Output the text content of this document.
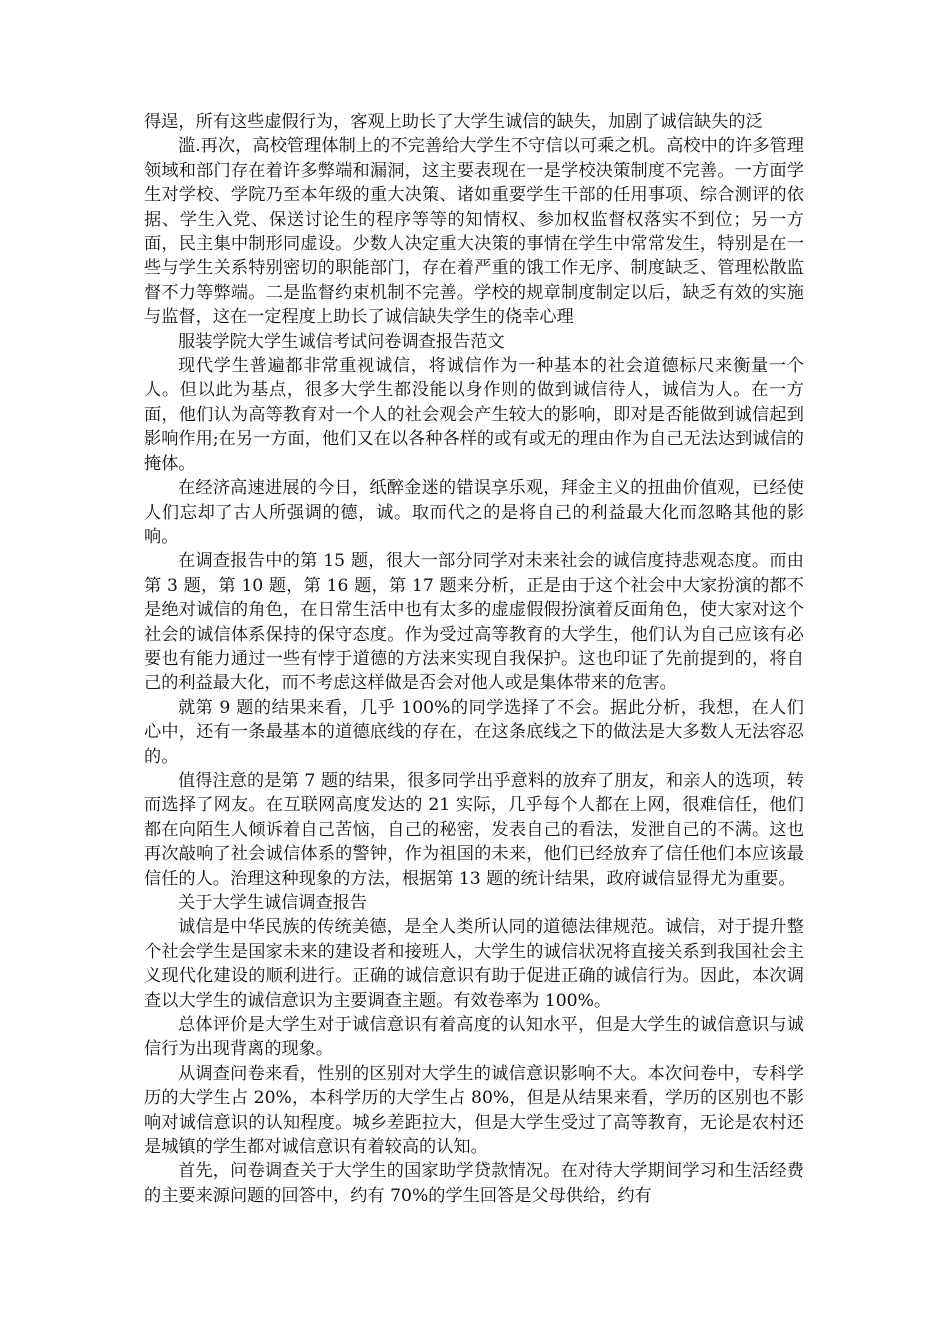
得逞，所有这些虚假行为，客观上助长了大学生诚信的缺失，加剧了诚信缺失的泛

滥.再次，高校管理体制上的不完善给大学生不守信以可乘之机。高校中的许多管理领域和部门存在着许多弊端和漏洞，这主要表现在一是学校决策制度不完善。一方面学生对学校、学院乃至本年级的重大决策、诸如重要学生干部的任用事项、综合测评的依据、学生入党、保送讨论生的程序等等的知情权、参加权监督权落实不到位；另一方面，民主集中制形同虚设。少数人决定重大决策的事情在学生中常常发生，特别是在一些与学生关系特别密切的职能部门，存在着严重的饿工作无序、制度缺乏、管理松散监督不力等弊端。二是监督约束机制不完善。学校的规章制度制定以后，缺乏有效的实施与监督，这在一定程度上助长了诚信缺失学生的侥幸心理

服装学院大学生诚信考试问卷调查报告范文

现代学生普遍都非常重视诚信，将诚信作为一种基本的社会道德标尺来衡量一个人。但以此为基点，很多大学生都没能以身作则的做到诚信待人，诚信为人。在一方面，他们认为高等教育对一个人的社会观会产生较大的影响，即对是否能做到诚信起到影响作用;在另一方面，他们又在以各种各样的或有或无的理由作为自己无法达到诚信的掩体。

在经济高速进展的今日，纸醉金迷的错误享乐观，拜金主义的扭曲价值观，已经使人们忘却了古人所强调的德，诚。取而代之的是将自己的利益最大化而忽略其他的影响。

在调查报告中的第 15 题，很大一部分同学对未来社会的诚信度持悲观态度。而由第 3 题，第 10 题，第 16 题，第 17 题来分析，正是由于这个社会中大家扮演的都不是绝对诚信的角色，在日常生活中也有太多的虚虚假假扮演着反面角色，使大家对这个社会的诚信体系保持的保守态度。作为受过高等教育的大学生，他们认为自己应该有必要也有能力通过一些有悖于道德的方法来实现自我保护。这也印证了先前提到的，将自己的利益最大化，而不考虑这样做是否会对他人或是集体带来的危害。

就第 9 题的结果来看，几乎 100%的同学选择了不会。据此分析，我想，在人们心中，还有一条最基本的道德底线的存在，在这条底线之下的做法是大多数人无法容忍的。

值得注意的是第 7 题的结果，很多同学出乎意料的放弃了朋友，和亲人的选项，转而选择了网友。在互联网高度发达的 21 实际，几乎每个人都在上网，很难信任，他们都在向陌生人倾诉着自己苦恼，自己的秘密，发表自己的看法，发泄自己的不满。这也再次敲响了社会诚信体系的警钟，作为祖国的未来，他们已经放弃了信任他们本应该最信任的人。治理这种现象的方法，根据第 13 题的统计结果，政府诚信显得尤为重要。

关于大学生诚信调查报告

诚信是中华民族的传统美德，是全人类所认同的道德法律规范。诚信，对于提升整个社会学生是国家未来的建设者和接班人，大学生的诚信状况将直接关系到我国社会主义现代化建设的顺利进行。正确的诚信意识有助于促进正确的诚信行为。因此，本次调查以大学生的诚信意识为主要调查主题。有效卷率为 100%。

总体评价是大学生对于诚信意识有着高度的认知水平，但是大学生的诚信意识与诚信行为出现背离的现象。

从调查问卷来看，性别的区别对大学生的诚信意识影响不大。本次问卷中，专科学历的大学生占 20%，本科学历的大学生占 80%，但是从结果来看，学历的区别也不影响对诚信意识的认知程度。城乡差距拉大，但是大学生受过了高等教育，无论是农村还是城镇的学生都对诚信意识有着较高的认知。

首先，问卷调查关于大学生的国家助学贷款情况。在对待大学期间学习和生活经费的主要来源问题的回答中，约有 70%的学生回答是父母供给，约有
